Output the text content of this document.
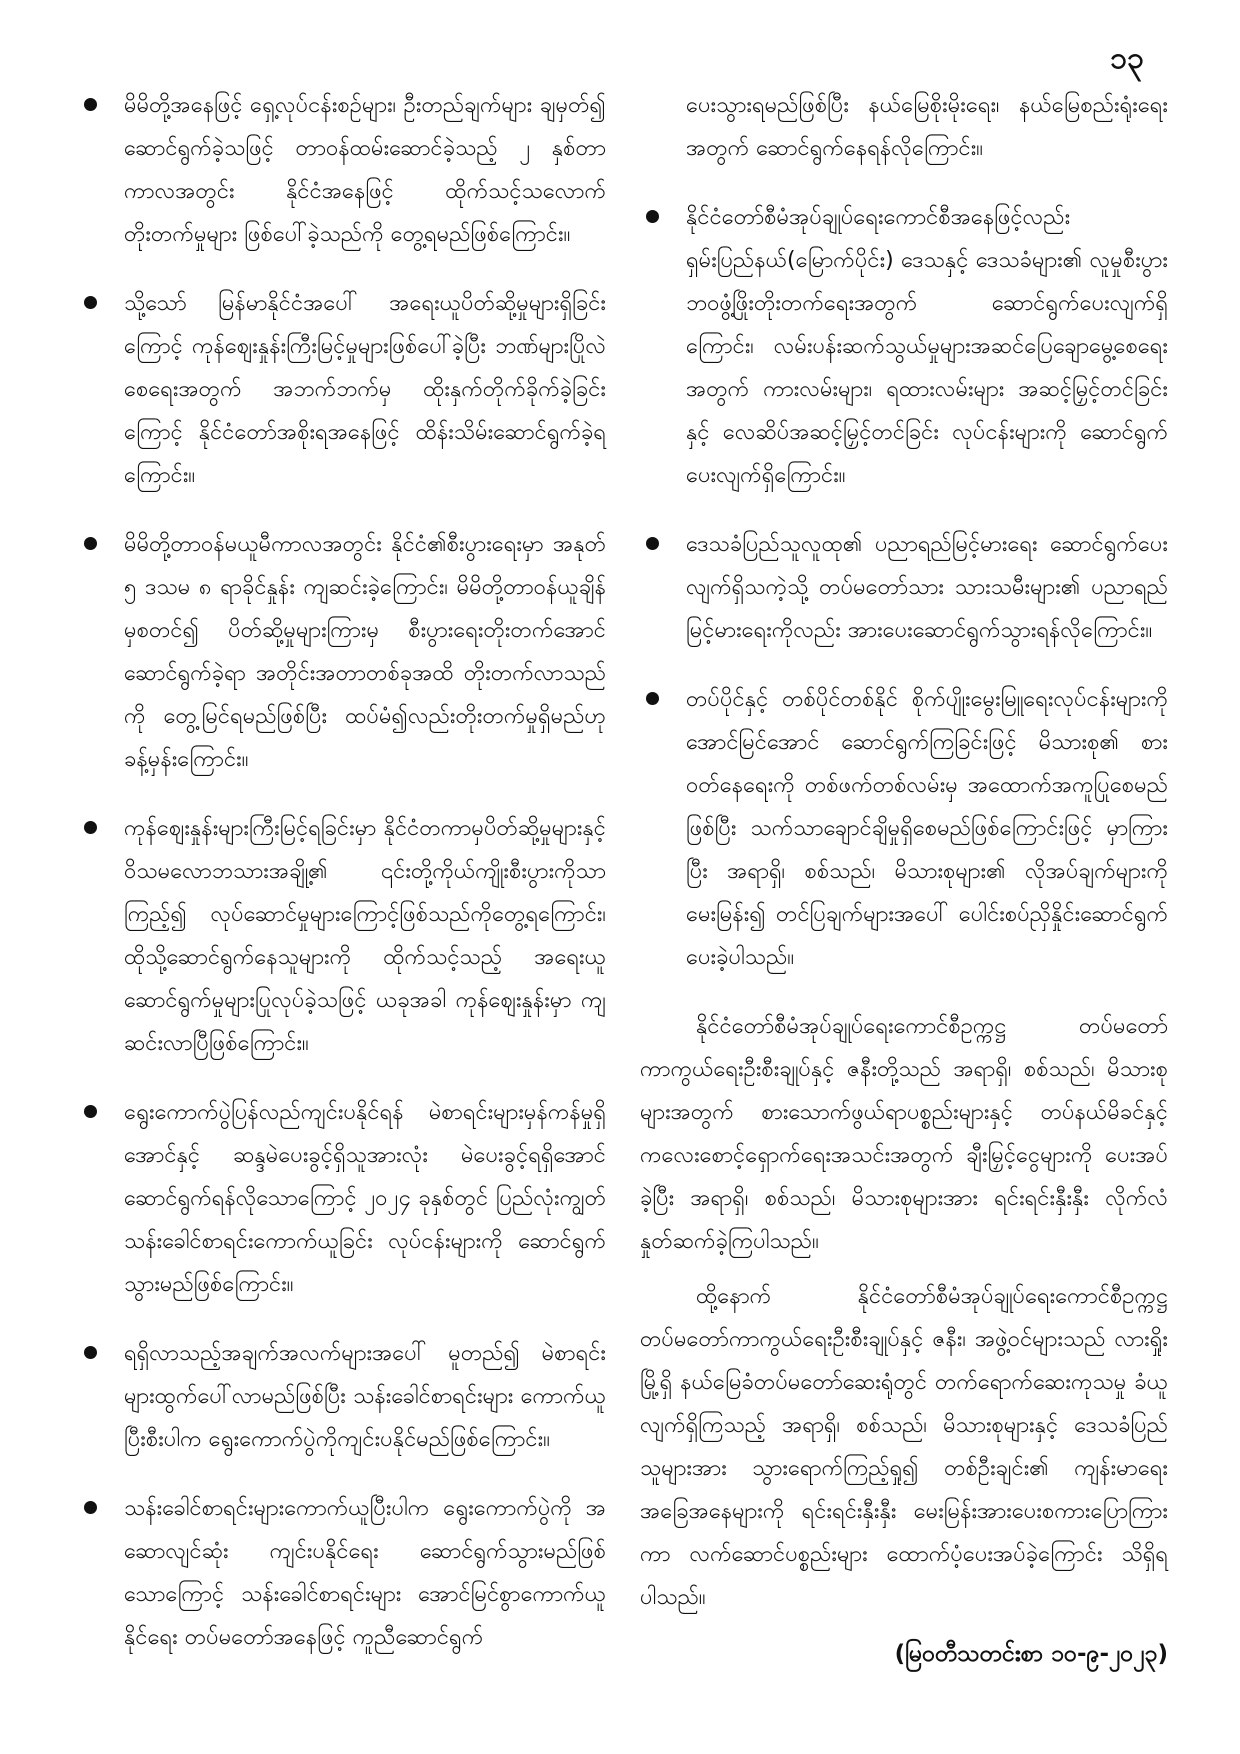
၁၃
မိမိတို့အနေဖြင့် ရှေ့လုပ်ငန်းစဉ်များ၊ ဦးတည်ချက်များ ချမှတ်၍ ဆောင်ရွက်ခဲ့သဖြင့် တာဝန်ထမ်းဆောင်ခဲ့သည့် ၂ နှစ်တာကာလအတွင်း နိုင်ငံအနေဖြင့် ထိုက်သင့်သလောက် တိုးတက်မှုများ ဖြစ်ပေါ်ခဲ့သည်ကို တွေ့ရမည်ဖြစ်ကြောင်း။
သို့သော် မြန်မာနိုင်ငံအပေါ် အရေးယူပိတ်ဆို့မှုများရှိခြင်းကြောင့် ကုန်ဈေးနှုန်းကြီးမြင့်မှုများဖြစ်ပေါ်ခဲ့ပြီး ဘဏ်များပြိုလဲစေရေးအတွက် အဘက်ဘက်မှ ထိုးနှက်တိုက်ခိုက်ခဲ့ခြင်းကြောင့် နိုင်ငံတော်အစိုးရအနေဖြင့် ထိန်းသိမ်းဆောင်ရွက်ခဲ့ရကြောင်း။
မိမိတို့တာဝန်မယူမီကာလအတွင်း နိုင်ငံ၏စီးပွားရေးမှာ အနုတ် ၅ ဒသမ ၈ ရာခိုင်နှုန်း ကျဆင်းခဲ့ကြောင်း၊ မိမိတို့တာဝန်ယူချိန်မှစတင်၍ ပိတ်ဆို့မှုများကြားမှ စီးပွားရေးတိုးတက်အောင်ဆောင်ရွက်ခဲ့ရာ အတိုင်းအတာတစ်ခုအထိ တိုးတက်လာသည်ကို တွေ့မြင်ရမည်ဖြစ်ပြီး ထပ်မံ၍လည်းတိုးတက်မှုရှိမည်ဟု ခန့်မှန်းကြောင်း။
ကုန်ဈေးနှုန်းများကြီးမြင့်ရခြင်းမှာ နိုင်ငံတကာမှပိတ်ဆို့မှုများနှင့် ဝိသမလောဘသားအချို့၏ ၎င်းတို့ကိုယ်ကျိုးစီးပွားကိုသာကြည့်၍ လုပ်ဆောင်မှုများကြောင့်ဖြစ်သည်ကိုတွေ့ရကြောင်း၊ ထိုသို့ဆောင်ရွက်နေသူများကို ထိုက်သင့်သည့် အရေးယူဆောင်ရွက်မှုများပြုလုပ်ခဲ့သဖြင့် ယခုအခါ ကုန်ဈေးနှုန်းမှာ ကျဆင်းလာပြီဖြစ်ကြောင်း။
ရွေးကောက်ပွဲပြန်လည်ကျင်းပနိုင်ရန် မဲစာရင်းများမှန်ကန်မှုရှိအောင်နှင့် ဆန္ဒမဲပေးခွင့်ရှိသူအားလုံး မဲပေးခွင့်ရရှိအောင် ဆောင်ရွက်ရန်လိုသောကြောင့် ၂၀၂၄ ခုနှစ်တွင် ပြည်လုံးကျွတ်သန်းခေါင်စာရင်းကောက်ယူခြင်း လုပ်ငန်းများကို ဆောင်ရွက်သွားမည်ဖြစ်ကြောင်း။
ရရှိလာသည့်အချက်အလက်များအပေါ် မူတည်၍ မဲစာရင်းများထွက်ပေါ်လာမည်ဖြစ်ပြီး သန်းခေါင်စာရင်းများ ကောက်ယူပြီးစီးပါက ရွေးကောက်ပွဲကိုကျင်းပနိုင်မည်ဖြစ်ကြောင်း။
သန်းခေါင်စာရင်းများကောက်ယူပြီးပါက ရွေးကောက်ပွဲကို အဆောလျင်ဆုံး ကျင်းပနိုင်ရေး ဆောင်ရွက်သွားမည်ဖြစ်သောကြောင့် သန်းခေါင်စာရင်းများ အောင်မြင်စွာကောက်ယူနိုင်ရေး တပ်မတော်အနေဖြင့် ကူညီဆောင်ရွက်

ပေးသွားရမည်ဖြစ်ပြီး နယ်မြေစိုးမိုးရေး၊ နယ်မြေစည်းရုံးရေးအတွက် ဆောင်ရွက်နေရန်လိုကြောင်း။

နိုင်ငံတော်စီမံအုပ်ချုပ်ရေးကောင်စီအနေဖြင့်လည်း ရှမ်းပြည်နယ်(မြောက်ပိုင်း) ဒေသနှင့် ဒေသခံများ၏ လူမှုစီးပွားဘဝဖွံ့ဖြိုးတိုးတက်ရေးအတွက် ဆောင်ရွက်ပေးလျက်ရှိကြောင်း၊ လမ်းပန်းဆက်သွယ်မှုများအဆင်ပြေချောမွေ့စေရေးအတွက် ကားလမ်းများ၊ ရထားလမ်းများ အဆင့်မြှင့်တင်ခြင်းနှင့် လေဆိပ်အဆင့်မြှင့်တင်ခြင်း လုပ်ငန်းများကို ဆောင်ရွက်ပေးလျက်ရှိကြောင်း။
ဒေသခံပြည်သူလူထု၏ ပညာရည်မြင့်မားရေး ဆောင်ရွက်ပေးလျက်ရှိသကဲ့သို့ တပ်မတော်သား သားသမီးများ၏ ပညာရည်မြင့်မားရေးကိုလည်း အားပေးဆောင်ရွက်သွားရန်လိုကြောင်း။
တပ်ပိုင်နှင့် တစ်ပိုင်တစ်နိုင် စိုက်ပျိုးမွေးမြူရေးလုပ်ငန်းများကို အောင်မြင်အောင် ဆောင်ရွက်ကြခြင်းဖြင့် မိသားစု၏ စားဝတ်နေရေးကို တစ်ဖက်တစ်လမ်းမှ အထောက်အကူပြုစေမည်ဖြစ်ပြီး သက်သာချောင်ချိမှုရှိစေမည်ဖြစ်ကြောင်းဖြင့် မှာကြားပြီး အရာရှိ၊ စစ်သည်၊ မိသားစုများ၏ လိုအပ်ချက်များကို မေးမြန်း၍ တင်ပြချက်များအပေါ် ပေါင်းစပ်ညှိနှိုင်းဆောင်ရွက်ပေးခဲ့ပါသည်။

နိုင်ငံတော်စီမံအုပ်ချုပ်ရေးကောင်စီဥက္ကဋ္ဌ တပ်မတော်ကာကွယ်ရေးဦးစီးချုပ်နှင့် ဇနီးတို့သည် အရာရှိ၊ စစ်သည်၊ မိသားစုများအတွက် စားသောက်ဖွယ်ရာပစ္စည်းများနှင့် တပ်နယ်မိခင်နှင့်ကလေးစောင့်ရှောက်ရေးအသင်းအတွက် ချီးမြှင့်ငွေများကို ပေးအပ်ခဲ့ပြီး အရာရှိ၊ စစ်သည်၊ မိသားစုများအား ရင်းရင်းနှီးနှီး လိုက်လံနှုတ်ဆက်ခဲ့ကြပါသည်။

ထို့နောက် နိုင်ငံတော်စီမံအုပ်ချုပ်ရေးကောင်စီဥက္ကဋ္ဌ တပ်မတော်ကာကွယ်ရေးဦးစီးချုပ်နှင့် ဇနီး၊ အဖွဲ့ဝင်များသည် လားရှိုးမြို့ရှိ နယ်မြေခံတပ်မတော်ဆေးရုံတွင် တက်ရောက်ဆေးကုသမှု ခံယူလျက်ရှိကြသည့် အရာရှိ၊ စစ်သည်၊ မိသားစုများနှင့် ဒေသခံပြည်သူများအား သွားရောက်ကြည့်ရှု၍ တစ်ဦးချင်း၏ ကျန်းမာရေးအခြေအနေများကို ရင်းရင်းနှီးနှီး မေးမြန်းအားပေးစကားပြောကြားကာ လက်ဆောင်ပစ္စည်းများ ထောက်ပံ့ပေးအပ်ခဲ့ကြောင်း သိရှိရပါသည်။

(မြဝတီသတင်းစာ ၁၀-၉-၂၀၂၃)
